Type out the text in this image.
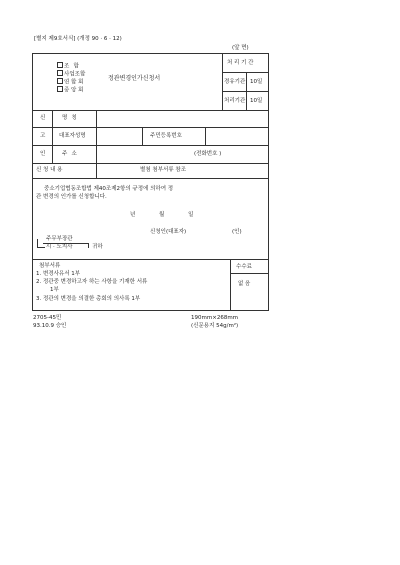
[별지 제9호서식] (개정 90 · 6 · 12)
(앞 면)
조 합
사업조합
연 합 회
중 앙 회
정관변경인가신청서
처 리 기 간
경유기관 10일
처리기관 10일
신
고
인
명 칭
대표자성명	주민등록번호
주 소	(전화번호 )
신 청 내 용	별첨 첨부서류 참조
중소기업협동조합법 제40조제2항의 규정에 의하여 정
관 변경의 인가를 신청합니다.
년 월 일
신청인(대표자)	(인)
주무부장관
시 · 도지사	귀하
첨부서류
1. 변경사유서 1부
2. 정관중 변경하고자 하는 사항을 기재한 서류
1부
3. 정관의 변경을 의결한 총회의 의사록 1부
수수료
없 음
2705-45민
93.10.9 승인
190mm×268mm
(신문용지 54g/m²)
